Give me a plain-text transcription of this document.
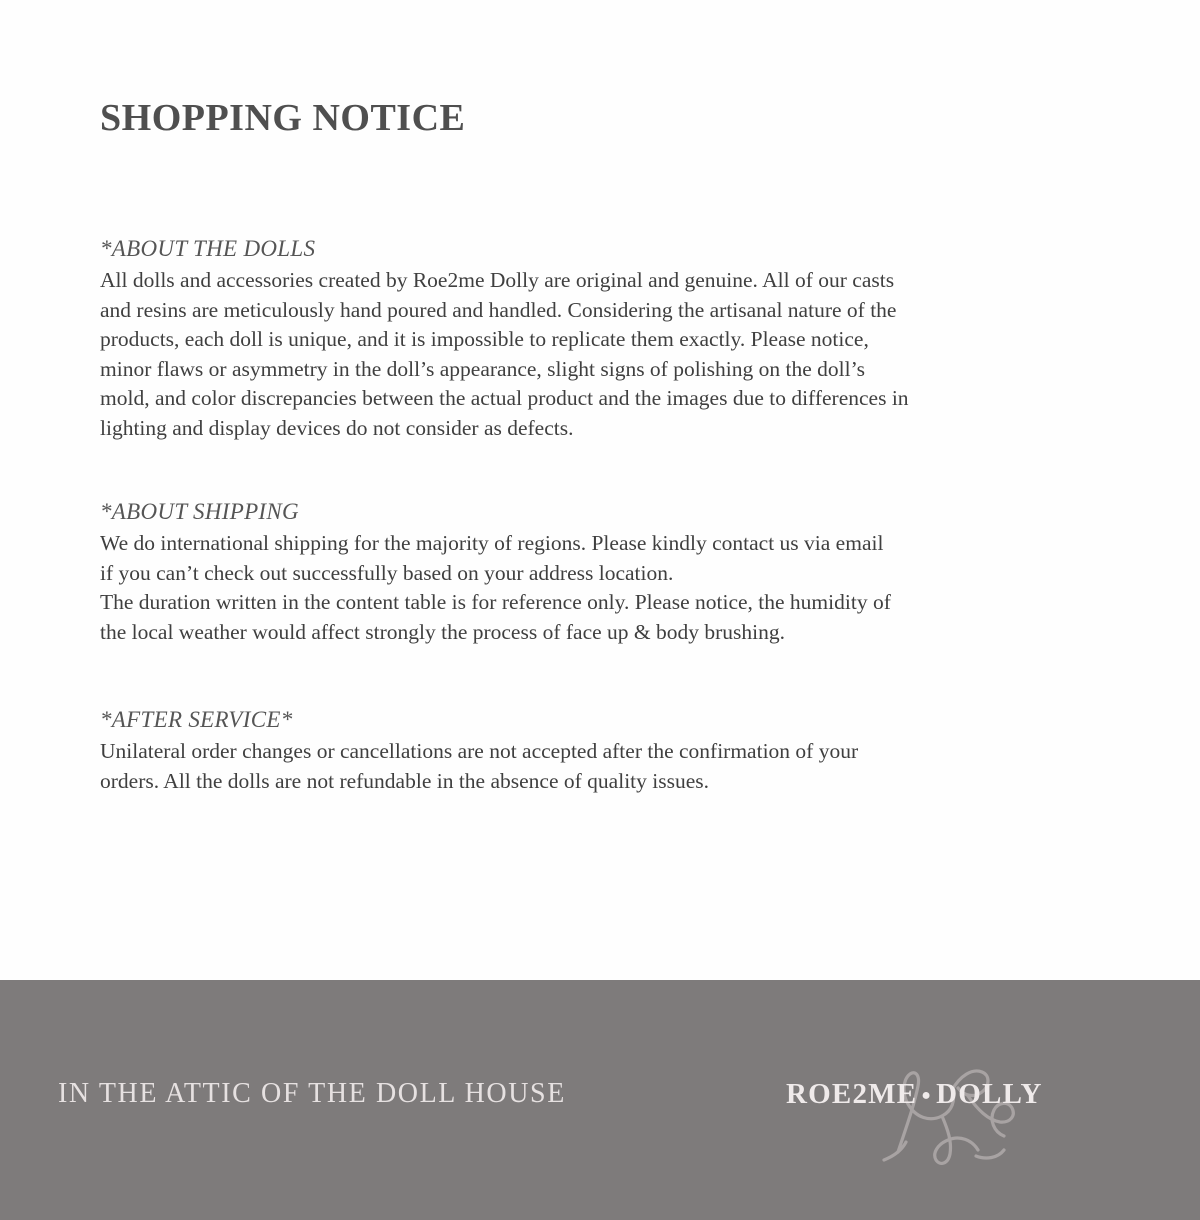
SHOPPING NOTICE
*ABOUT THE DOLLS

All dolls and accessories created by Roe2me Dolly are original and genuine. All of our casts
and resins are meticulously hand poured and handled. Considering the artisanal nature of the
products, each doll is unique, and it is impossible to replicate them exactly. Please notice,
minor flaws or asymmetry in the doll’s appearance, slight signs of polishing on the doll’s
mold, and color discrepancies between the actual product and the images due to differences in
lighting and display devices do not consider as defects.

*ABOUT SHIPPING

We do international shipping for the majority of regions. Please kindly contact us via email
if you can’t check out successfully based on your address location.
The duration written in the content table is for reference only. Please notice, the humidity of
the local weather would affect strongly the process of face up & body brushing.

*AFTER SERVICE*

Unilateral order changes or cancellations are not accepted after the confirmation of your
orders. All the dolls are not refundable in the absence of quality issues.

IN THE ATTIC OF THE DOLL HOUSE	ROE2ME ● DOLLY
